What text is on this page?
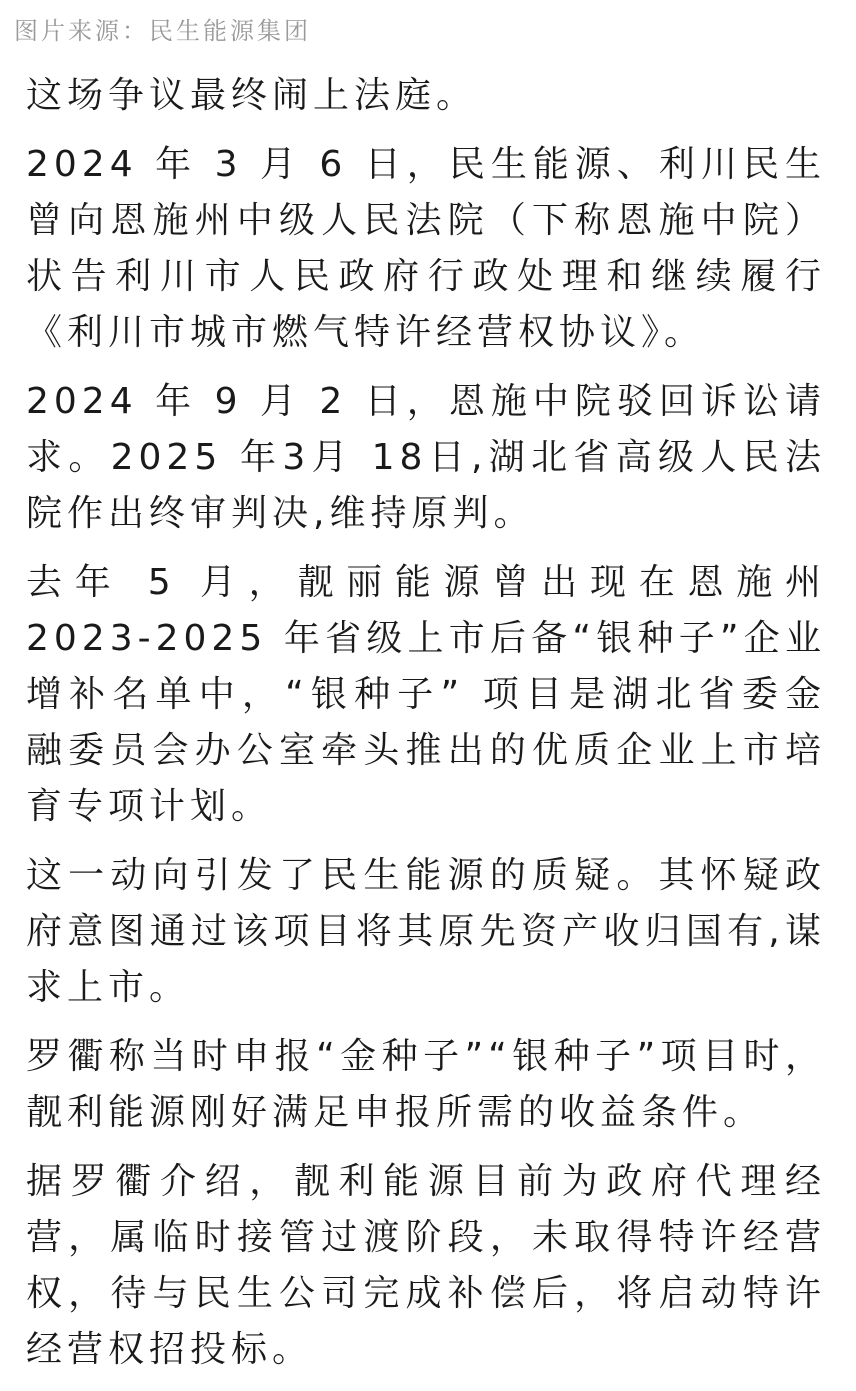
图片来源：民生能源集团

这场争议最终闹上法庭。

2024 年 3 月 6 日，民生能源、利川民生曾向恩施州中级人民法院（下称恩施中院）状告利川市人民政府行政处理和继续履行《利川市城市燃气特许经营权协议》。

2024 年 9 月 2 日，恩施中院驳回诉讼请求。2025 年3月 18日,湖北省高级人民法院作出终审判决,维持原判。

去年 5 月，靓丽能源曾出现在恩施州 2023-2025 年省级上市后备“银种子”企业增补名单中，“银种子” 项目是湖北省委金融委员会办公室牵头推出的优质企业上市培育专项计划。

这一动向引发了民生能源的质疑。其怀疑政府意图通过该项目将其原先资产收归国有,谋求上市。

罗衢称当时申报“金种子”“银种子”项目时，靓利能源刚好满足申报所需的收益条件。

据罗衢介绍，靓利能源目前为政府代理经营，属临时接管过渡阶段，未取得特许经营权，待与民生公司完成补偿后，将启动特许经营权招投标。
